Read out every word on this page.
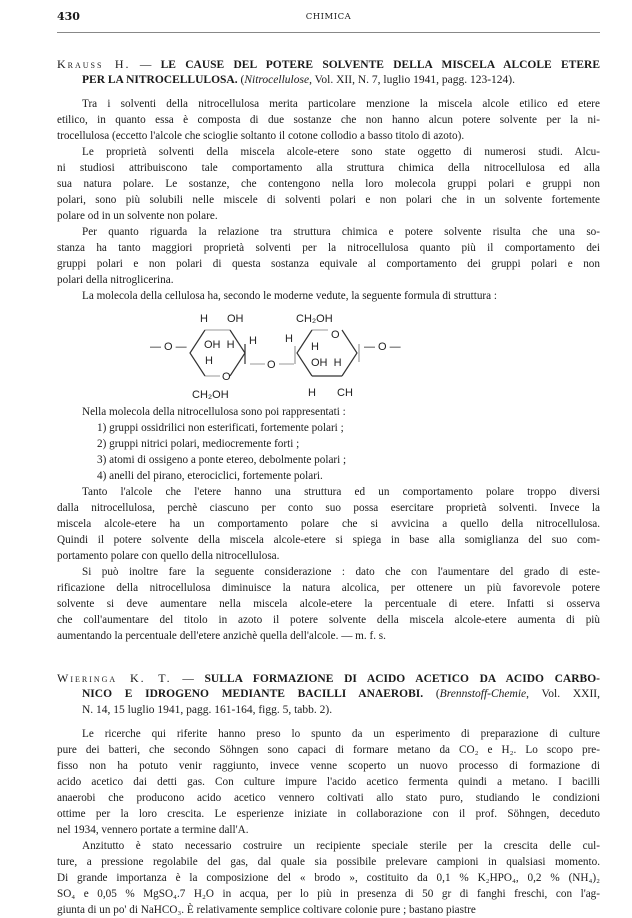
430	CHIMICA
Krauss H. — LE CAUSE DEL POTERE SOLVENTE DELLA MISCELA ALCOLE ETERE
PER LA NITROCELLULOSA. (Nitrocellulose, Vol. XII, N. 7, luglio 1941, pagg. 123-124).
Tra i solventi della nitrocellulosa merita particolare menzione la miscela alcole etilico ed etere
etilico, in quanto essa è composta di due sostanze che non hanno alcun potere solvente per la ni-
trocellulosa (eccetto l'alcole che scioglie soltanto il cotone collodio a basso titolo di azoto).
Le proprietà solventi della miscela alcole-etere sono state oggetto di numerosi studi. Alcu-
ni studiosi attribuiscono tale comportamento alla struttura chimica della nitrocellulosa ed alla
sua natura polare. Le sostanze, che contengono nella loro molecola gruppi polari e gruppi non
polari, sono più solubili nelle miscele di solventi polari e non polari che in un solvente fortemente
polare od in un solvente non polare.
Per quanto riguarda la relazione tra struttura chimica e potere solvente risulta che una so-
stanza ha tanto maggiori proprietà solventi per la nitrocellulosa quanto più il comportamento dei
gruppi polari e non polari di questa sostanza equivale al comportamento dei gruppi polari e non
polari della nitroglicerina.
La molecola della cellulosa ha, secondo le moderne vedute, la seguente formula di struttura :
— O —
H OH
OH  H
H
O
CH₂OH
H
O
H
CH₂OH
O
H
OH  H
H CH
— O —
Nella molecola della nitrocellulosa sono poi rappresentati :
1) gruppi ossidrilici non esterificati, fortemente polari ;
2) gruppi nitrici polari, mediocremente forti ;
3) atomi di ossigeno a ponte etereo, debolmente polari ;
4) anelli del pirano, eterociclici, fortemente polari.
Tanto l'alcole che l'etere hanno una struttura ed un comportamento polare troppo diversi
dalla nitrocellulosa, perchè ciascuno per conto suo possa esercitare proprietà solventi. Invece la
miscela alcole-etere ha un comportamento polare che si avvicina a quello della nitrocellulosa.
Quindi il potere solvente della miscela alcole-etere si spiega in base alla somiglianza del suo com-
portamento polare con quello della nitrocellulosa.
Si può inoltre fare la seguente considerazione : dato che con l'aumentare del grado di este-
rificazione della nitrocellulosa diminuisce la natura alcolica, per ottenere un più favorevole potere
solvente si deve aumentare nella miscela alcole-etere la percentuale di etere. Infatti si osserva
che coll'aumentare del titolo in azoto il potere solvente della miscela alcole-etere aumenta di più
aumentando la percentuale dell'etere anzichè quella dell'alcole. — m. f. s.
Wieringa K. T. — SULLA FORMAZIONE DI ACIDO ACETICO DA ACIDO CARBO-
NICO E IDROGENO MEDIANTE BACILLI ANAEROBI. (Brennstoff-Chemie, Vol. XXII,
N. 14, 15 luglio 1941, pagg. 161-164, figg. 5, tabb. 2).
Le ricerche qui riferite hanno preso lo spunto da un esperimento di preparazione di culture
pure dei batteri, che secondo Söhngen sono capaci di formare metano da CO₂ e H₂. Lo scopo pre-
fisso non ha potuto venir raggiunto, invece venne scoperto un nuovo processo di formazione di
acido acetico dai detti gas. Con culture impure l'acido acetico fermenta quindi a metano. I bacilli
anaerobi che producono acido acetico vennero coltivati allo stato puro, studiando le condizioni
ottime per la loro crescita. Le esperienze iniziate in collaborazione con il prof. Söhngen, deceduto
nel 1934, vennero portate a termine dall'A.
Anzitutto è stato necessario costruire un recipiente speciale sterile per la crescita delle cul-
ture, a pressione regolabile del gas, dal quale sia possibile prelevare campioni in qualsiasi momento.
Di grande importanza è la composizione del « brodo », costituito da 0,1 % K₂HPO₄, 0,2 % (NH₄)₂
SO₄ e 0,05 % MgSO₄.7 H₂O in acqua, per lo più in presenza di 50 gr di fanghi freschi, con l'ag-
giunta di un po' di NaHCO₃. È relativamente semplice coltivare colonie pure ; bastano piastre
